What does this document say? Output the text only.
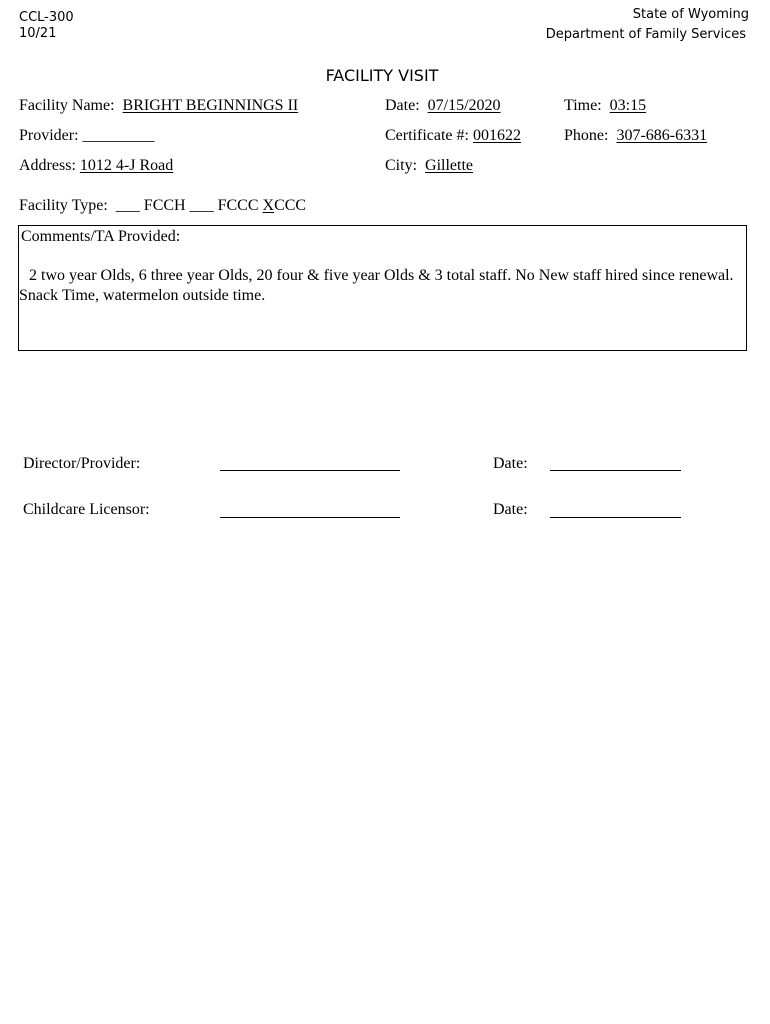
CCL-300
10/21
State of Wyoming
Department of Family Services
FACILITY VISIT
Facility Name: BRIGHT BEGINNINGS II	Date: 07/15/2020	Time: 03:15
Provider: _________	Certificate #: 001622	Phone: 307-686-6331
Address: 1012 4-J Road	City: Gillette
Facility Type: ___ FCCH ___ FCCC XCCC
Comments/TA Provided:
2 two year Olds, 6 three year Olds, 20 four & five year Olds & 3 total staff. No New staff hired since renewal. Snack Time, watermelon outside time.
Director/Provider:	Date:
Childcare Licensor:	Date:
